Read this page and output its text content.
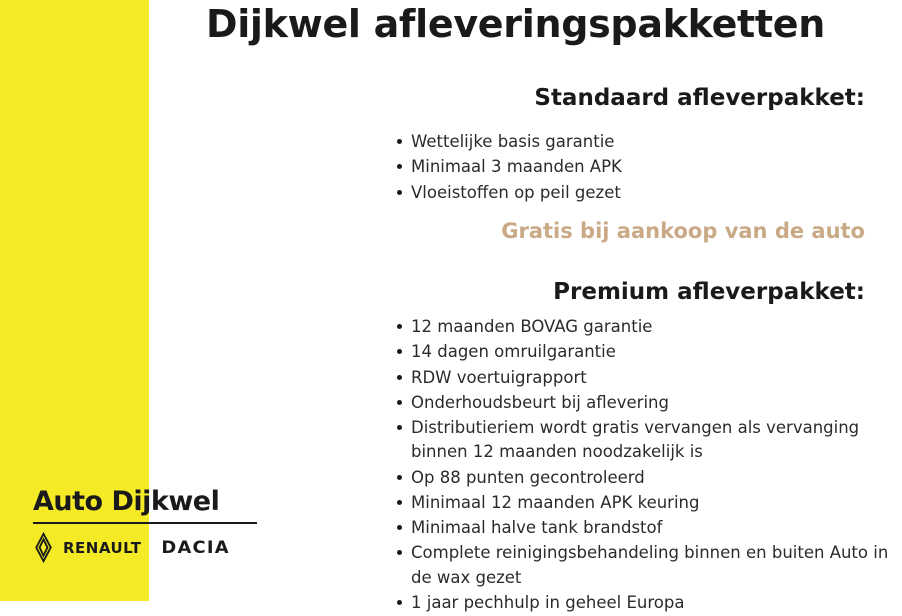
Dijkwel afleveringspakketten
Standaard afleverpakket:
Wettelijke basis garantie
Minimaal 3 maanden APK
Vloeistoffen op peil gezet
Gratis bij aankoop van de auto
Premium afleverpakket:
12 maanden BOVAG garantie
14 dagen omruilgarantie
RDW voertuigrapport
Onderhoudsbeurt bij aflevering
Distributieriem wordt gratis vervangen als vervanging binnen 12 maanden noodzakelijk is
Op 88 punten gecontroleerd
Minimaal 12 maanden APK keuring
Minimaal halve tank brandstof
Complete reinigingsbehandeling binnen en buiten Auto in de wax gezet
1 jaar pechhulp in geheel Europa
Auto Dijkwel
RENAULT DACIA
